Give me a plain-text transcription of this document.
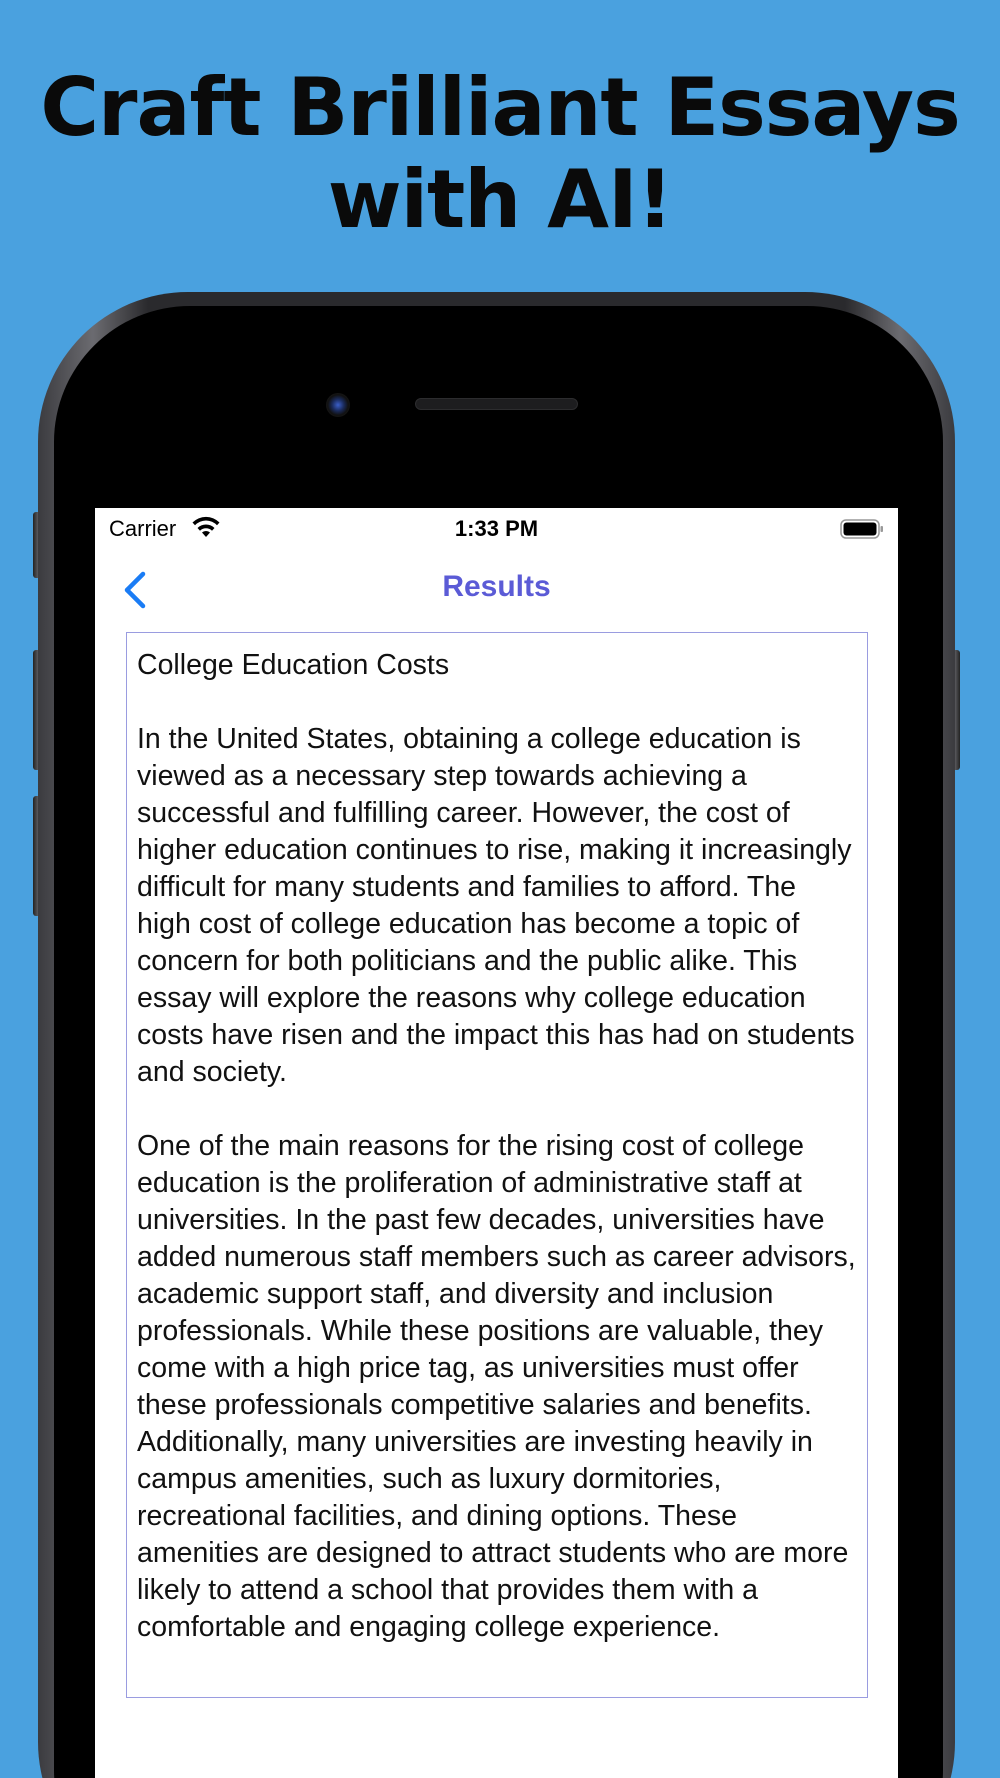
Craft Brilliant Essays
with AI!
Carrier	1:33 PM
Results

College Education Costs

In the United States, obtaining a college education is viewed as a necessary step towards achieving a successful and fulfilling career. However, the cost of higher education continues to rise, making it increasingly difficult for many students and families to afford. The high cost of college education has become a topic of concern for both politicians and the public alike. This essay will explore the reasons why college education costs have risen and the impact this has had on students and society.

One of the main reasons for the rising cost of college education is the proliferation of administrative staff at universities. In the past few decades, universities have added numerous staff members such as career advisors, academic support staff, and diversity and inclusion professionals. While these positions are valuable, they come with a high price tag, as universities must offer these professionals competitive salaries and benefits. Additionally, many universities are investing heavily in campus amenities, such as luxury dormitories, recreational facilities, and dining options. These amenities are designed to attract students who are more likely to attend a school that provides them with a comfortable and engaging college experience.
